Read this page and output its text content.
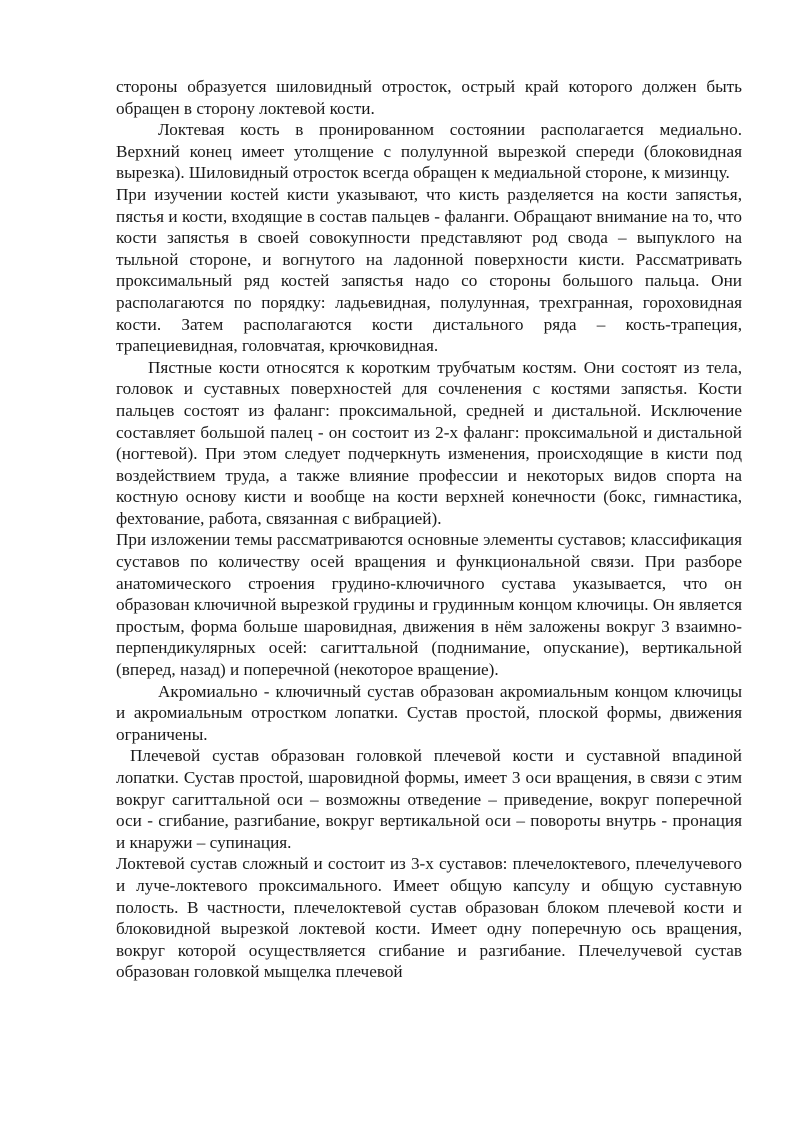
стороны образуется шиловидный отросток, острый край которого должен быть обращен в сторону локтевой кости.

Локтевая кость в пронированном состоянии располагается медиально. Верхний конец имеет утолщение с полулунной вырезкой спереди (блоковидная вырезка). Шиловидный отросток всегда обращен к медиальной стороне, к мизинцу.

При изучении костей кисти указывают, что кисть разделяется на кости запястья, пястья и кости, входящие в состав пальцев - фаланги. Обращают внимание на то, что кости запястья в своей совокупности представляют род свода – выпуклого на тыльной стороне, и вогнутого на ладонной поверхности кисти. Рассматривать проксимальный ряд костей запястья надо со стороны большого пальца. Они располагаются по порядку: ладьевидная, полулунная, трехгранная, гороховидная кости. Затем располагаются кости дистального ряда – кость-трапеция, трапециевидная, головчатая, крючковидная.

Пястные кости относятся к коротким трубчатым костям. Они состоят из тела, головок и суставных поверхностей для сочленения с костями запястья. Кости пальцев состоят из фаланг: проксимальной, средней и дистальной. Исключение составляет большой палец - он состоит из 2-х фаланг: проксимальной и дистальной (ногтевой). При этом следует подчеркнуть изменения, происходящие в кисти под воздействием труда, а также влияние профессии и некоторых видов спорта на костную основу кисти и вообще на кости верхней конечности (бокс, гимнастика, фехтование, работа, связанная с вибрацией).

При изложении темы рассматриваются основные элементы суставов; классификация суставов по количеству осей вращения и функциональной связи. При разборе анатомического строения грудино-ключичного сустава указывается, что он образован ключичной вырезкой грудины и грудинным концом ключицы. Он является простым, форма больше шаровидная, движения в нём заложены вокруг 3 взаимно- перпендикулярных осей: сагиттальной (поднимание, опускание), вертикальной (вперед, назад) и поперечной (некоторое вращение).

Акромиально - ключичный сустав образован акромиальным концом ключицы и акромиальным отростком лопатки. Сустав простой, плоской формы, движения ограничены.

Плечевой сустав образован головкой плечевой кости и суставной впадиной лопатки. Сустав простой, шаровидной формы, имеет 3 оси вращения, в связи с этим вокруг сагиттальной оси – возможны отведение – приведение, вокруг поперечной оси - сгибание, разгибание, вокруг вертикальной оси – повороты внутрь - пронация и кнаружи – супинация.

Локтевой сустав сложный и состоит из 3-х суставов: плечелоктевого, плечелучевого и луче-локтевого проксимального. Имеет общую капсулу и общую суставную полость. В частности, плечелоктевой сустав образован блоком плечевой кости и блоковидной вырезкой локтевой кости. Имеет одну поперечную ось вращения, вокруг которой осуществляется сгибание и разгибание. Плечелучевой сустав образован головкой мыщелка плечевой
